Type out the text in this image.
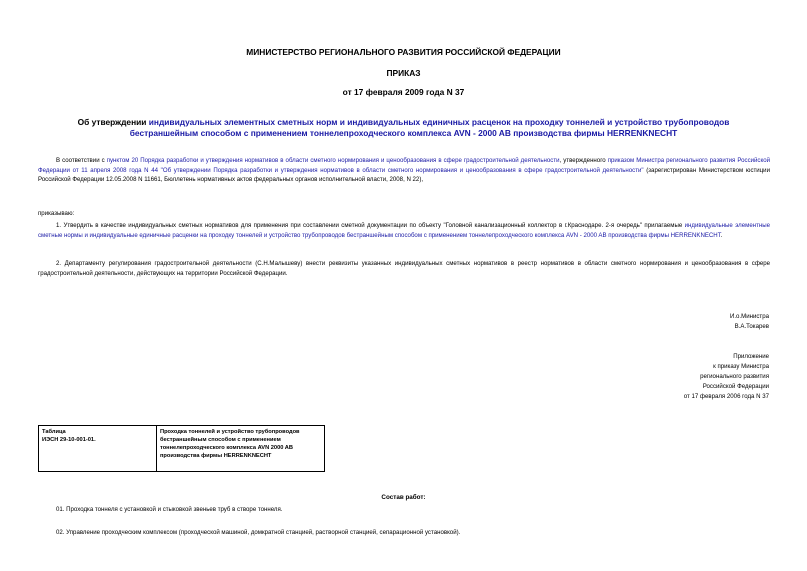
МИНИСТЕРСТВО РЕГИОНАЛЬНОГО РАЗВИТИЯ РОССИЙСКОЙ ФЕДЕРАЦИИ
ПРИКАЗ
от 17 февраля 2009 года N 37
Об утверждении индивидуальных элементных сметных норм и индивидуальных единичных расценок на проходку тоннелей и устройство трубопроводов бестраншейным способом с применением тоннелепроходческого комплекса AVN - 2000 AB производства фирмы HERRENKNECHT
В соответствии с пунктом 20 Порядка разработки и утверждения нормативов в области сметного нормирования и ценообразования в сфере градостроительной деятельности, утвержденного приказом Министра регионального развития Российской Федерации от 11 апреля 2008 года N 44 "Об утверждении Порядка разработки и утверждения нормативов в области сметного нормирования и ценообразования в сфере градостроительной деятельности" (зарегистрирован Министерством юстиции Российской Федерации 12.05.2008 N 11661, Бюллетень нормативных актов федеральных органов исполнительной власти, 2008, N 22),
приказываю:
1. Утвердить в качестве индивидуальных сметных нормативов для применения при составлении сметной документации по объекту "Головной канализационный коллектор в г.Краснодаре. 2-я очередь" прилагаемые индивидуальные элементные сметные нормы и индивидуальные единичные расценки на проходку тоннелей и устройство трубопроводов бестраншейным способом с применением тоннелепроходческого комплекса AVN - 2000 AB производства фирмы HERRENKNECHT.
2. Департаменту регулирования градостроительной деятельности (С.Н.Малышеву) внести реквизиты указанных индивидуальных сметных нормативов в реестр нормативов в области сметного нормирования и ценообразования в сфере градостроительной деятельности, действующих на территории Российской Федерации.
И.о.Министра
В.А.Токарев
Приложение
к приказу Министра
регионального развития
Российской Федерации
от 17 февраля 2006 года N 37
Таблица
ИЭСН 29-10-001-01.
	Проходка тоннелей и устройство трубопроводов бестраншейным способом с применением тоннелепроходческого комплекса AVN 2000 AB производства фирмы HERRENKNECHT
Состав работ:
01. Проходка тоннеля с установкой и стыковкой звеньев труб в створе тоннеля.
02. Управление проходческим комплексом (проходческой машиной, домкратной станцией, растворной станцией, сепарационной установкой).
